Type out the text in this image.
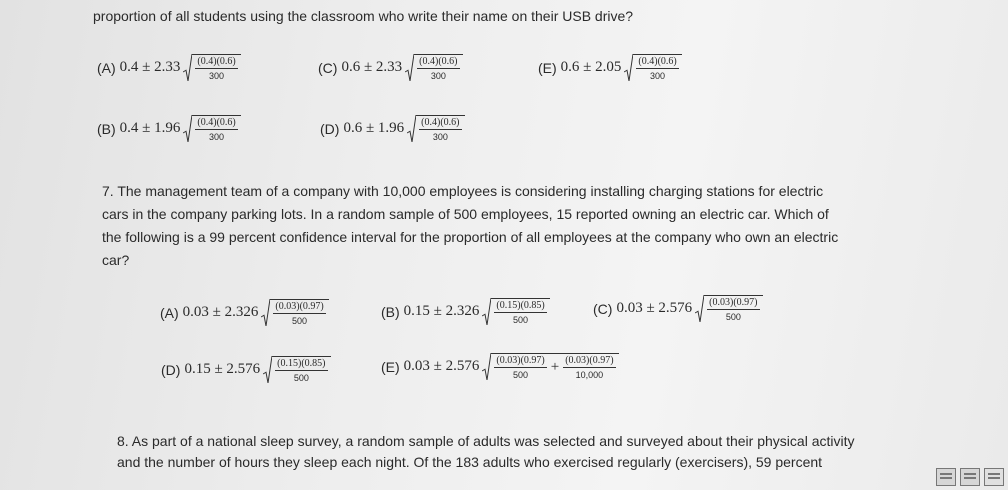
proportion of all students using the classroom who write their name on their USB drive?
(A) $0.4 \pm 2.33 \frac{(0.4)(0.6)}{300}$	(C) $0.6 \pm 2.33 \frac{(0.4)(0.6)}{300}$	(E) $0.6 \pm 2.05 \frac{(0.4)(0.6)}{300}$
(B) $0.4 \pm 1.96 \frac{(0.4)(0.6)}{300}$	(D) $0.6 \pm 1.96 \frac{(0.4)(0.6)}{300}$
7. The management team of a company with 10,000 employees is considering installing charging stations for electric
cars in the company parking lots. In a random sample of 500 employees, 15 reported owning an electric car. Which of
the following is a 99 percent confidence interval for the proportion of all employees at the company who own an electric
car?
(A) $0.03 \pm 2.326 \frac{(0.03)(0.97)}{500}$	(B) $0.15 \pm 2.326 \frac{(0.15)(0.85)}{500}$	(C) $0.03 \pm 2.576 \frac{(0.03)(0.97)}{500}$
(D) $0.15 \pm 2.576 \frac{(0.15)(0.85)}{500}$	(E) $0.03 \pm 2.576 \frac{(0.03)(0.97)}{500} + \frac{(0.03)(0.97)}{10,000}$
8. As part of a national sleep survey, a random sample of adults was selected and surveyed about their physical activity
and the number of hours they sleep each night. Of the 183 adults who exercised regularly (exercisers), 59 percent
